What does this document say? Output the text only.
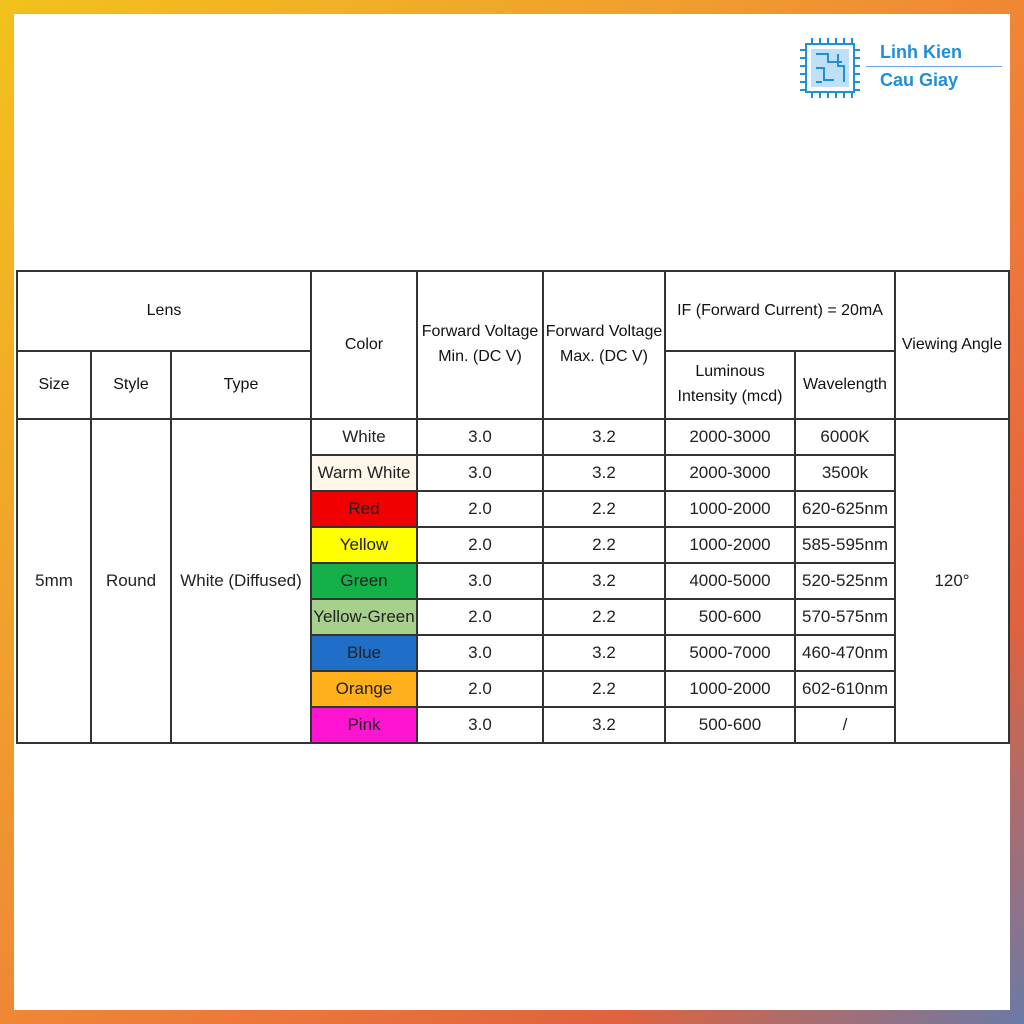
Linh Kien
Cau Giay
Lens			Color	Forward Voltage Min. (DC V)	Forward Voltage Max. (DC V)	IF (Forward Current) = 20mA		Viewing Angle
Size	Style	Type				Luminous Intensity (mcd)	Wavelength	
5mm	Round	White (Diffused)	White	3.0	3.2	2000-3000	6000K	120°
			Warm White	3.0	3.2	2000-3000	3500k	
			Red	2.0	2.2	1000-2000	620-625nm	
			Yellow	2.0	2.2	1000-2000	585-595nm	
			Green	3.0	3.2	4000-5000	520-525nm	
			Yellow-Green	2.0	2.2	500-600	570-575nm	
			Blue	3.0	3.2	5000-7000	460-470nm	
			Orange	2.0	2.2	1000-2000	602-610nm	
			Pink	3.0	3.2	500-600	/	
